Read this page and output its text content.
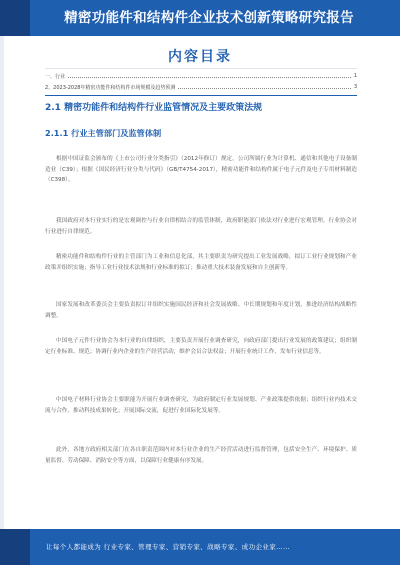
精密功能件和结构件企业技术创新策略研究报告
内容目录
一、行业	1
2、2023-2028年精密功能件和结构件市场规模及趋势预测	3
2.1 精密功能件和结构件行业监管情况及主要政策法规
2.1.1 行业主管部门及监管体制
根据中国证监会颁布的《上市公司行业分类指引》（2012年修订）规定，公司所属行业为计算机、通信和其他电子设备制造业（C39）；根据《国民经济行业分类与代码》（GB/T4754-2017），精密功能件和结构件属于电子元件及电子专用材料制造（C398）。
我国政府对本行业实行的是宏观调控与行业自律相结合的监管体制，政府职能部门依法对行业进行宏观管理，行业协会对行业进行自律规范。
精密功能件和结构件行业的主管部门为工业和信息化部，其主要职责为研究提出工业发展战略，拟订工业行业规划和产业政策并组织实施；指导工业行业技术法规和行业标准的拟订；推动重大技术装备发展和自主创新等。
国家发展和改革委员会主要负责拟订并组织实施国民经济和社会发展战略、中长期规划和年度计划，推进经济结构战略性调整。
中国电子元件行业协会为本行业的自律组织，主要负责开展行业调查研究，向政府部门提出行业发展的政策建议；组织制定行业标准、规范；协调行业内企业的生产经营活动，维护会员合法权益；开展行业统计工作，发布行业信息等。
中国电子材料行业协会主要职能为开展行业调查研究，为政府制定行业发展规划、产业政策提供依据；组织行业内技术交流与合作，推动科技成果转化；开展国际交流，促进行业国际化发展等。
此外，各地方政府相关部门在各自职责范围内对本行业企业的生产经营活动进行监督管理，包括安全生产、环境保护、质量监督、劳动保障、消防安全等方面，以保障行业健康有序发展。
让每个人都能成为 行业专家、管理专家、营销专家、战略专家、成功企业家……
